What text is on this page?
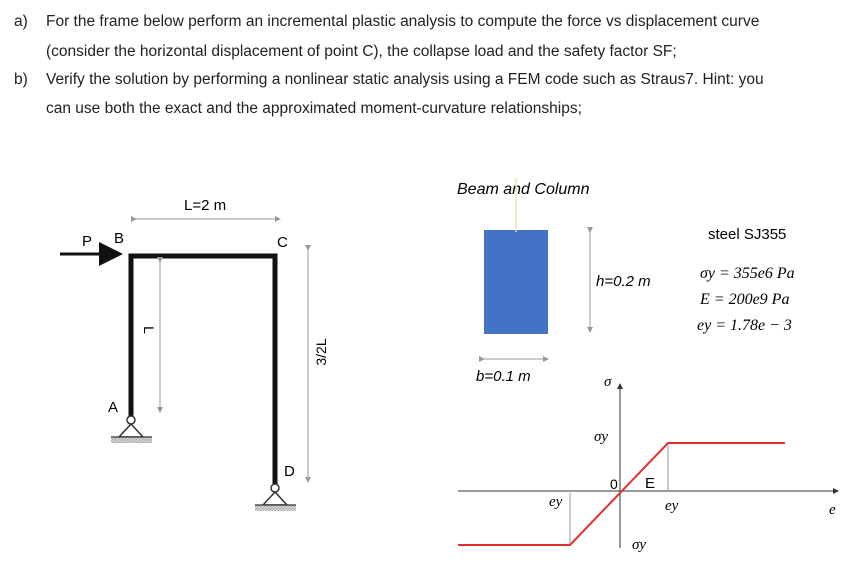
a) For the frame below perform an incremental plastic analysis to compute the force vs displacement curve
(consider the horizontal displacement of point C), the collapse load and the safety factor SF;
b) Verify the solution by performing a nonlinear static analysis using a FEM code such as Straus7. Hint: you
can use both the exact and the approximated moment-curvature relationships;
P B	C
A
D
L=2 m
L
3/2L
Beam and Column
h=0.2 m
b=0.1 m
steel SJ355
σy = 355e6 Pa
E = 200e9 Pa
ey = 1.78e − 3
σ
e
σy
σy
ey
ey
0 E
